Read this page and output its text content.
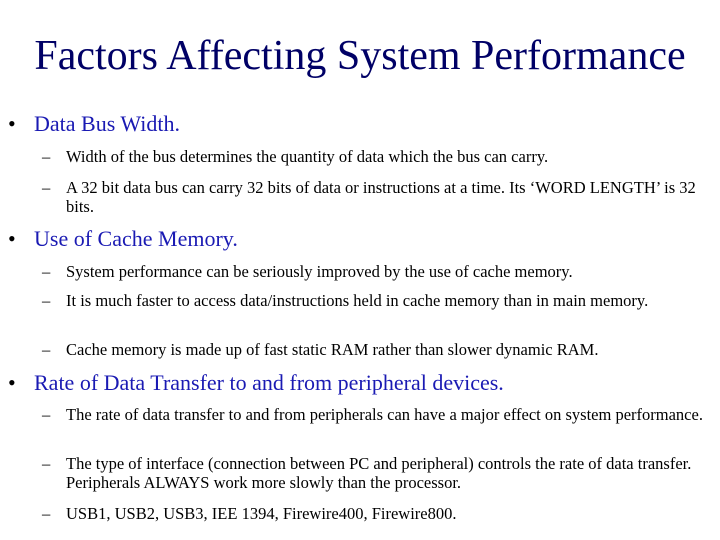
Factors Affecting System Performance
• Data Bus Width.
– Width of the bus determines the quantity of data which the bus can carry.
– A 32 bit data bus can carry 32 bits of data or instructions at a time. Its ‘WORD LENGTH’ is 32 bits.
• Use of Cache Memory.
– System performance can be seriously improved by the use of cache memory.
– It is much faster to access data/instructions held in cache memory than in main memory.
– Cache memory is made up of fast static RAM rather than slower dynamic RAM.
• Rate of Data Transfer to and from peripheral devices.
– The rate of data transfer to and from peripherals can have a major effect on system performance.
– The type of interface (connection between PC and peripheral) controls the rate of data transfer. Peripherals ALWAYS work more slowly than the processor.
– USB1, USB2, USB3, IEE 1394, Firewire400, Firewire800.
